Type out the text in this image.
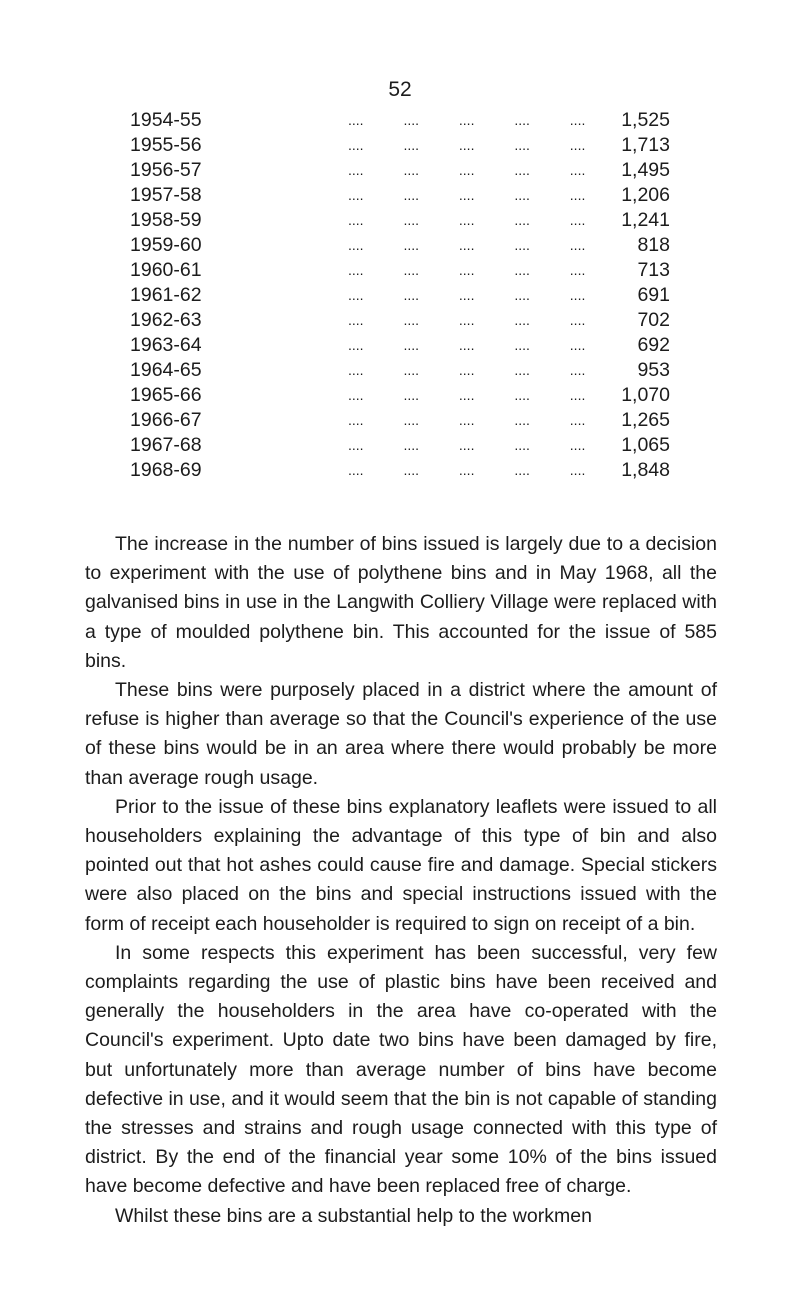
52
1954-55	.... .... .... .... .... 1,525
1955-56	.... .... .... .... .... 1,713
1956-57	.... .... .... .... .... 1,495
1957-58	.... .... .... .... .... 1,206
1958-59	.... .... .... .... .... 1,241
1959-60	.... .... .... .... ....	818
1960-61	.... .... .... .... ....	713
1961-62	.... .... .... .... ....	691
1962-63	.... .... .... .... ....	702
1963-64	.... .... .... .... ....	692
1964-65	.... .... .... .... ....	953
1965-66	.... .... .... .... .... 1,070
1966-67	.... .... .... .... .... 1,265
1967-68	.... .... .... .... .... 1,065
1968-69	.... .... .... .... .... 1,848

The increase in the number of bins issued is largely due to a decision to experiment with the use of polythene bins and in May 1968, all the galvanised bins in use in the Langwith Colliery Village were replaced with a type of moulded polythene bin. This accounted for the issue of 585 bins.

These bins were purposely placed in a district where the amount of refuse is higher than average so that the Council's experience of the use of these bins would be in an area where there would probably be more than average rough usage.

Prior to the issue of these bins explanatory leaflets were issued to all householders explaining the advantage of this type of bin and also pointed out that hot ashes could cause fire and damage. Special stickers were also placed on the bins and special instructions issued with the form of receipt each householder is required to sign on receipt of a bin.

In some respects this experiment has been successful, very few complaints regarding the use of plastic bins have been received and generally the householders in the area have co-operated with the Council's experiment. Upto date two bins have been damaged by fire, but unfortunately more than average number of bins have become defective in use, and it would seem that the bin is not capable of standing the stresses and strains and rough usage connected with this type of district. By the end of the financial year some 10% of the bins issued have become defective and have been replaced free of charge.

Whilst these bins are a substantial help to the workmen
